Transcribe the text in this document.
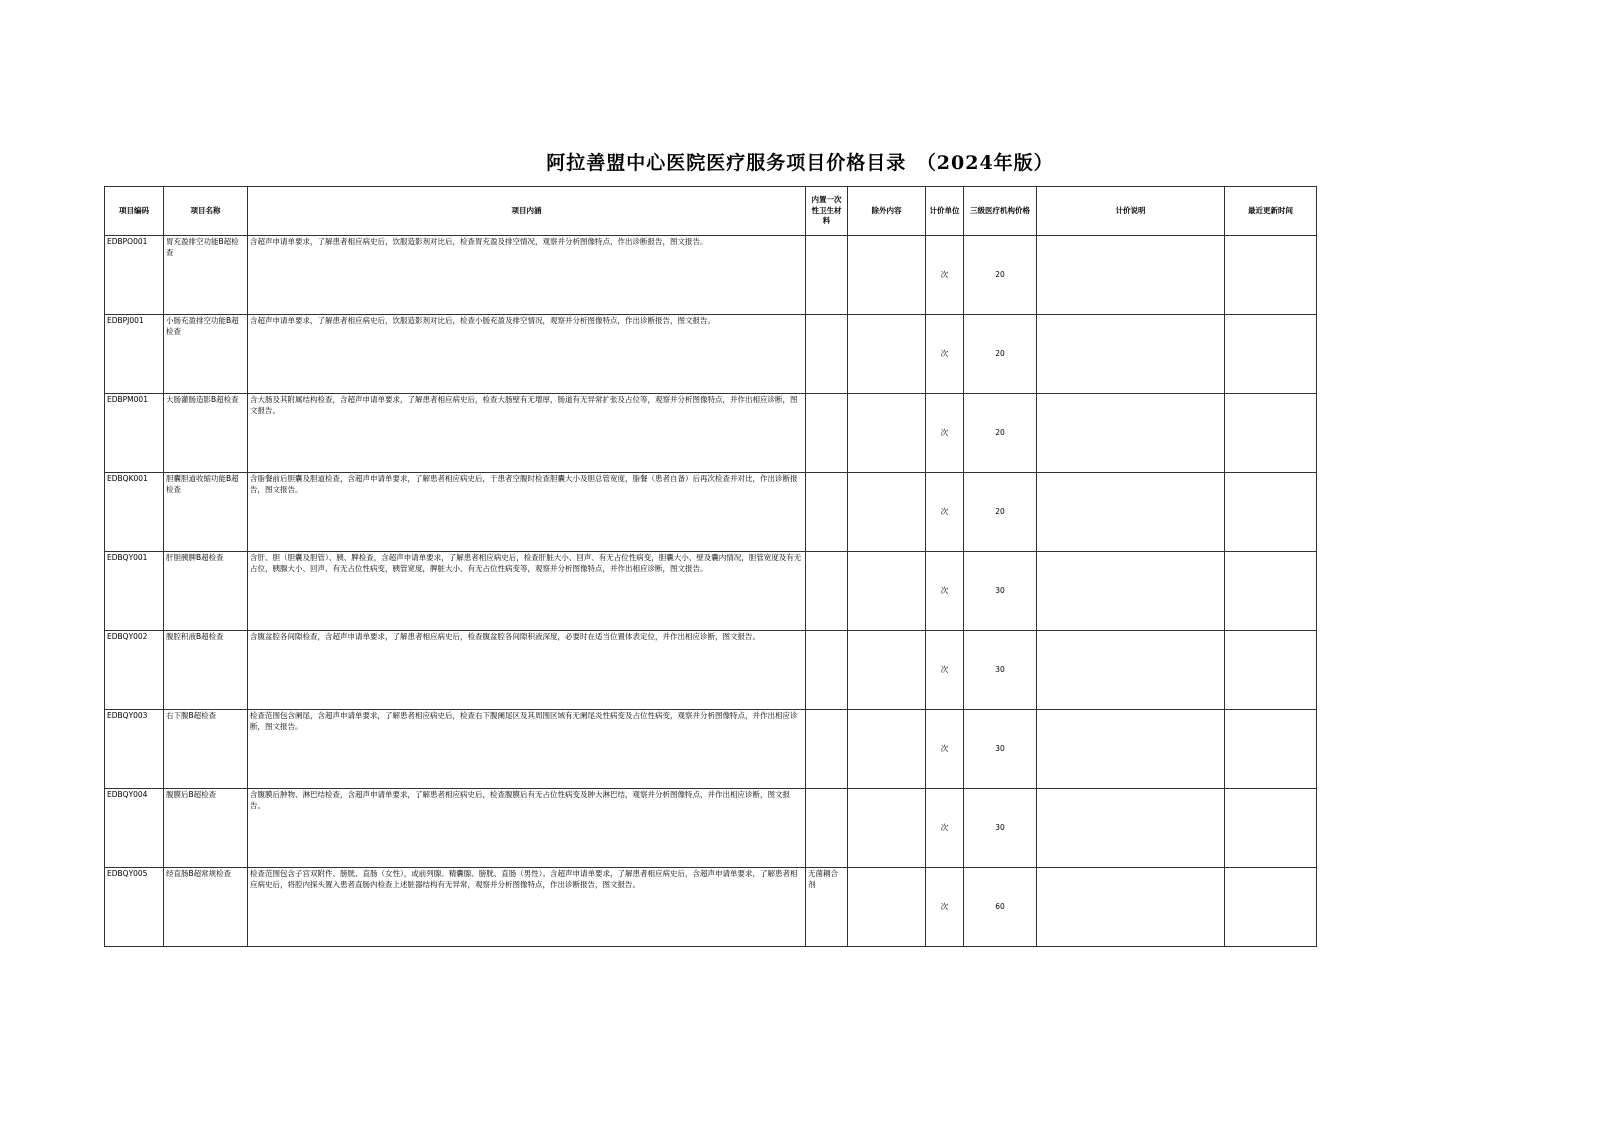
阿拉善盟中心医院医疗服务项目价格目录　（2024年版）
项目编码	项目名称	项目内涵	内置一次性卫生材料	除外内容	计价单位	三级医疗机构价格	计价说明	最近更新时间
EDBPO001	胃充盈排空功能B超检查	含超声申请单要求，了解患者相应病史后，饮服造影剂对比后，检查胃充盈及排空情况，观察并分析图像特点，作出诊断报告，图文报告。			次	20		
EDBPJ001	小肠充盈排空功能B超检查	含超声申请单要求，了解患者相应病史后，饮服造影剂对比后，检查小肠充盈及排空情况，观察并分析图像特点，作出诊断报告，图文报告。			次	20		
EDBPM001	大肠灌肠造影B超检查	含大肠及其附属结构检查，含超声申请单要求，了解患者相应病史后，检查大肠壁有无增厚，肠道有无异常扩张及占位等，观察并分析图像特点，并作出相应诊断，图文报告。			次	20		
EDBQK001	胆囊胆道收缩功能B超检查	含脂餐前后胆囊及胆道检查，含超声申请单要求，了解患者相应病史后，于患者空腹时检查胆囊大小及胆总管宽度，脂餐（患者自备）后再次检查并对比，作出诊断报告，图文报告。			次	20		
EDBQY001	肝胆胰脾B超检查	含肝、胆（胆囊及胆管）、胰、脾检查，含超声申请单要求，了解患者相应病史后，检查肝脏大小、回声、有无占位性病变，胆囊大小、壁及囊内情况，胆管宽度及有无占位，胰腺大小、回声、有无占位性病变，胰管宽度，脾脏大小、有无占位性病变等，观察并分析图像特点，并作出相应诊断，图文报告。			次	30		
EDBQY002	腹腔积液B超检查	含腹盆腔各间隙检查，含超声申请单要求，了解患者相应病史后，检查腹盆腔各间隙积液深度，必要时在适当位置体表定位，并作出相应诊断，图文报告。			次	30		
EDBQY003	右下腹B超检查	检查范围包含阑尾，含超声申请单要求，了解患者相应病史后，检查右下腹阑尾区及其周围区域有无阑尾炎性病变及占位性病变，观察并分析图像特点，并作出相应诊断，图文报告。			次	30		
EDBQY004	腹膜后B超检查	含腹膜后肿物、淋巴结检查，含超声申请单要求，了解患者相应病史后，检查腹膜后有无占位性病变及肿大淋巴结，观察并分析图像特点，并作出相应诊断，图文报告。			次	30		
EDBQY005	经直肠B超常规检查	检查范围包含子宫双附件、膀胱、直肠（女性），或前列腺、精囊腺、膀胱、直肠（男性）。含超声申请单要求，了解患者相应病史后，含超声申请单要求，了解患者相应病史后，将腔内探头置入患者直肠内检查上述脏器结构有无异常，观察并分析图像特点，作出诊断报告，图文报告。	无菌耦合剂		次	60		
